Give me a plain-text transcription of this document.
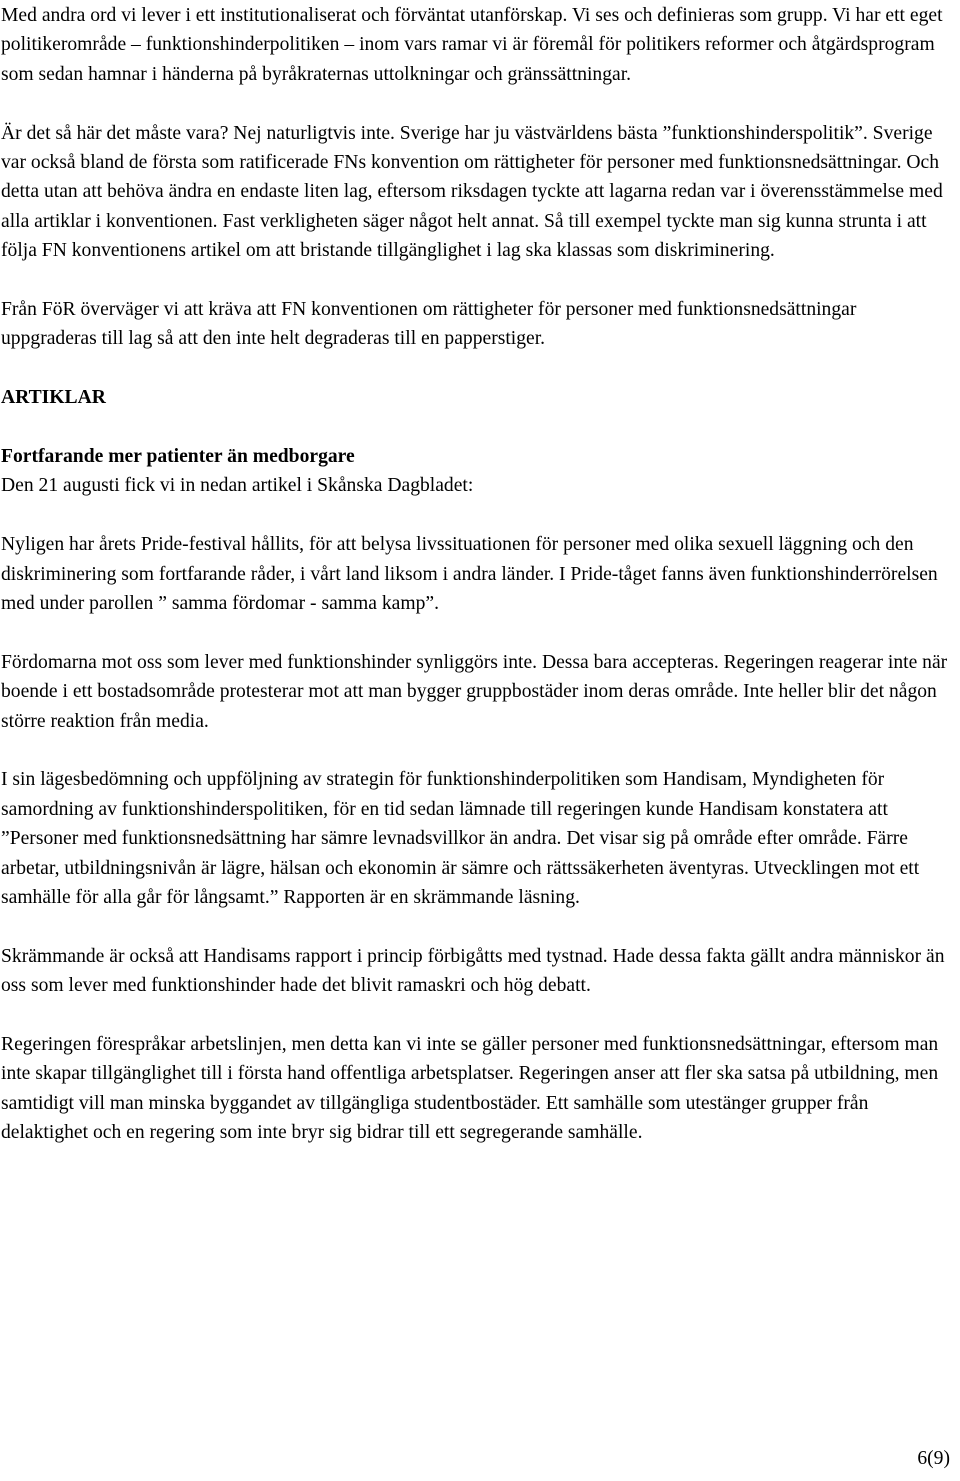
Med andra ord vi lever i ett institutionaliserat och förväntat utanförskap. Vi ses och definieras som grupp. Vi har ett eget politikerområde – funktionshinderpolitiken – inom vars ramar vi är föremål för politikers reformer och åtgärdsprogram som sedan hamnar i händerna på byråkraternas uttolkningar och gränssättningar.

Är det så här det måste vara? Nej naturligtvis inte. Sverige har ju västvärldens bästa ”funktionshinderspolitik”. Sverige var också bland de första som ratificerade FNs konvention om rättigheter för personer med funktionsnedsättningar. Och detta utan att behöva ändra en endaste liten lag, eftersom riksdagen tyckte att lagarna redan var i överensstämmelse med alla artiklar i konventionen. Fast verkligheten säger något helt annat. Så till exempel tyckte man sig kunna strunta i att följa FN konventionens artikel om att bristande tillgänglighet i lag ska klassas som diskriminering.

Från FöR överväger vi att kräva att FN konventionen om rättigheter för personer med funktionsnedsättningar uppgraderas till lag så att den inte helt degraderas till en papperstiger.

ARTIKLAR

Fortfarande mer patienter än medborgare

Den 21 augusti fick vi in nedan artikel i Skånska Dagbladet:

Nyligen har årets Pride-festival hållits, för att belysa livssituationen för personer med olika sexuell läggning och den diskriminering som fortfarande råder, i vårt land liksom i andra länder. I Pride-tåget fanns även funktionshinderrörelsen med under parollen ” samma fördomar - samma kamp”.

Fördomarna mot oss som lever med funktionshinder synliggörs inte. Dessa bara accepteras. Regeringen reagerar inte när boende i ett bostadsområde protesterar mot att man bygger gruppbostäder inom deras område. Inte heller blir det någon större reaktion från media.

I sin lägesbedömning och uppföljning av strategin för funktionshinderpolitiken som Handisam, Myndigheten för samordning av funktionshinderspolitiken, för en tid sedan lämnade till regeringen kunde Handisam konstatera att ”Personer med funktionsnedsättning har sämre levnadsvillkor än andra. Det visar sig på område efter område. Färre arbetar, utbildningsnivån är lägre, hälsan och ekonomin är sämre och rättssäkerheten äventyras. Utvecklingen mot ett samhälle för alla går för långsamt.” Rapporten är en skrämmande läsning.

Skrämmande är också att Handisams rapport i princip förbigåtts med tystnad. Hade dessa fakta gällt andra människor än oss som lever med funktionshinder hade det blivit ramaskri och hög debatt.

Regeringen förespråkar arbetslinjen, men detta kan vi inte se gäller personer med funktionsnedsättningar, eftersom man inte skapar tillgänglighet till i första hand offentliga arbetsplatser. Regeringen anser att fler ska satsa på utbildning, men samtidigt vill man minska byggandet av tillgängliga studentbostäder. Ett samhälle som utestänger grupper från delaktighet och en regering som inte bryr sig bidrar till ett segregerande samhälle.

6(9)
